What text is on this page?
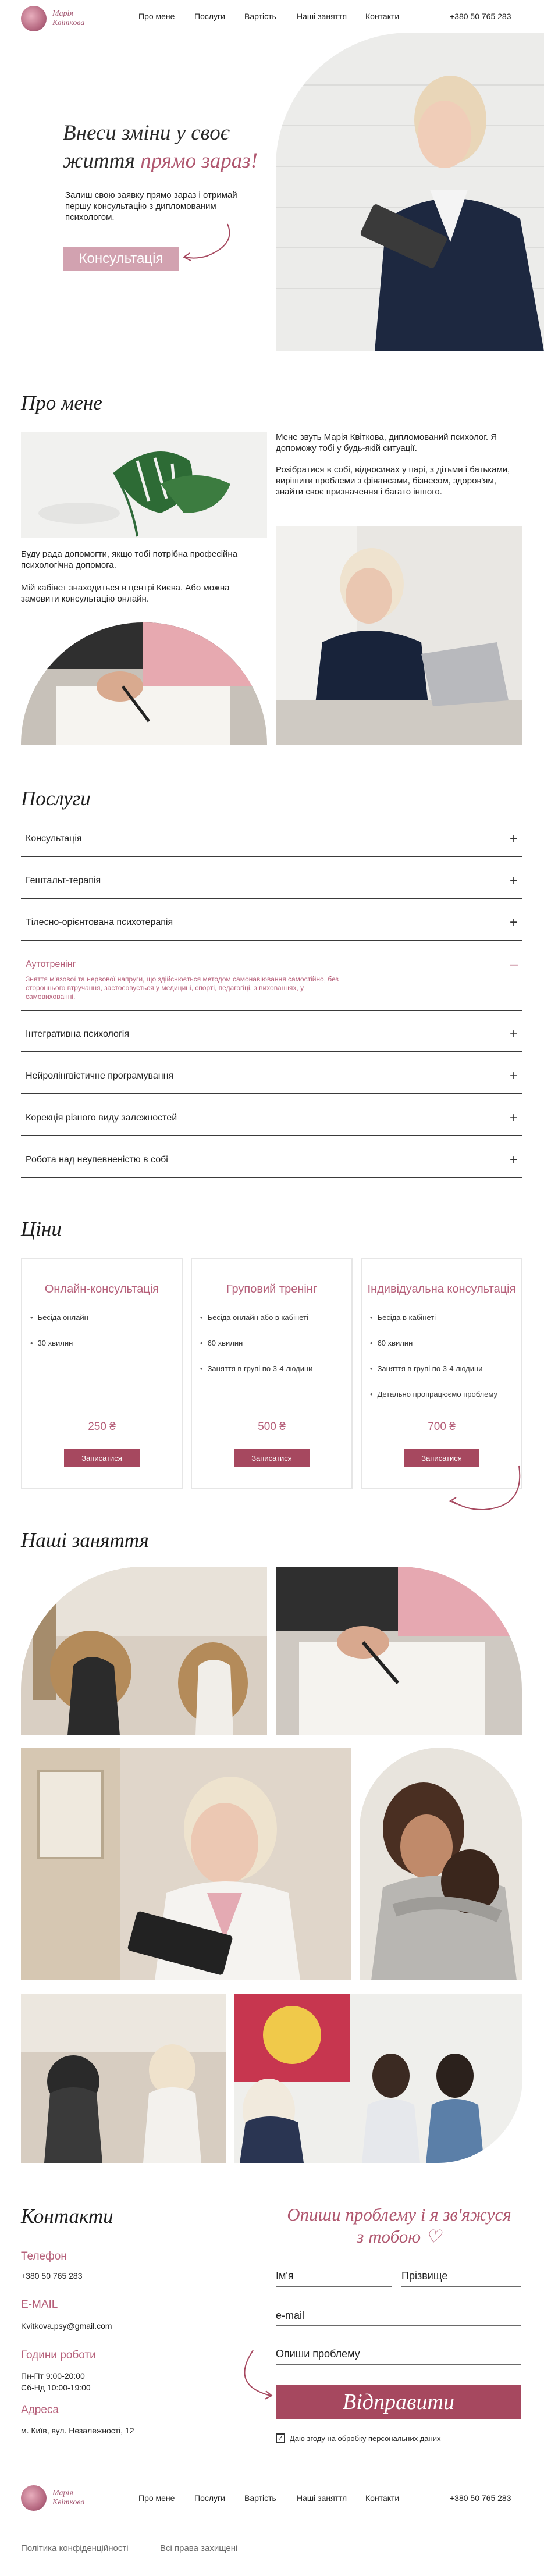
Марія
Квіткова
Про мене Послуги Вартість	Наші заняття Контакти	+380 50 765 283
Внеси зміни у своє
життя прямо зараз!
Залиш свою заявку прямо зараз і отримай першу консультацію з дипломованим психологом.
Консультація
Про мене
Мене звуть Марія Квіткова, дипломований психолог. Я допоможу тобі у будь-якій ситуації.
Розібратися в собі, відносинах у парі, з дітьми і батьками, вирішити проблеми з фінансами, бізнесом, здоров'ям, знайти своє призначення і багато іншого.
Буду рада допомогти, якщо тобі потрібна професійна психологічна допомога.
Мій кабінет знаходиться в центрі Києва. Або можна замовити консультацію онлайн.
Послуги
Консультація	+
Гештальт-терапія	+
Тілесно-орієнтована психотерапія	+
Аутотренінг	–
Зняття м'язової та нервової напруги, що здійснюється методом самонавіювання самостійно, без стороннього втручання, застосовується у медицині, спорті, педагогіці, з вихованнях, у самовихованні.
Інтегративна психологія	+
Нейролінгвістичне програмування	+
Корекція різного виду залежностей	+
Робота над неупевненістю в собі	+
Ціни
Онлайн-консультація
• Бесіда онлайн
• 30 хвилин
250 ₴
Записатися
Груповий тренінг
• Бесіда онлайн або в кабінеті
• 60 хвилин
• Заняття в групі по 3-4 людини
500 ₴
Записатися
Індивідуальна консультація
• Бесіда в кабінеті
• 60 хвилин
• Заняття в групі по 3-4 людини
• Детально пропрацюємо проблему
700 ₴
Записатися
Наші заняття
Контакти
Телефон
+380 50 765 283
E-MAIL
Kvitkova.psy@gmail.com
Години роботи
Пн-Пт 9:00-20:00
Сб-Нд 10:00-19:00
Адреса
м. Київ, вул. Незалежності, 12
Опиши проблему і я зв'яжуся
з тобою ♡
Ім'я	Прізвище
e-mail
Опиши проблему
Відправити
✓ Даю згоду на обробку персональних даних
Марія
Квіткова	Про мене Послуги Вартість	Наші заняття Контакти	+380 50 765 283
Політика конфіденційності	Всі права захищені
